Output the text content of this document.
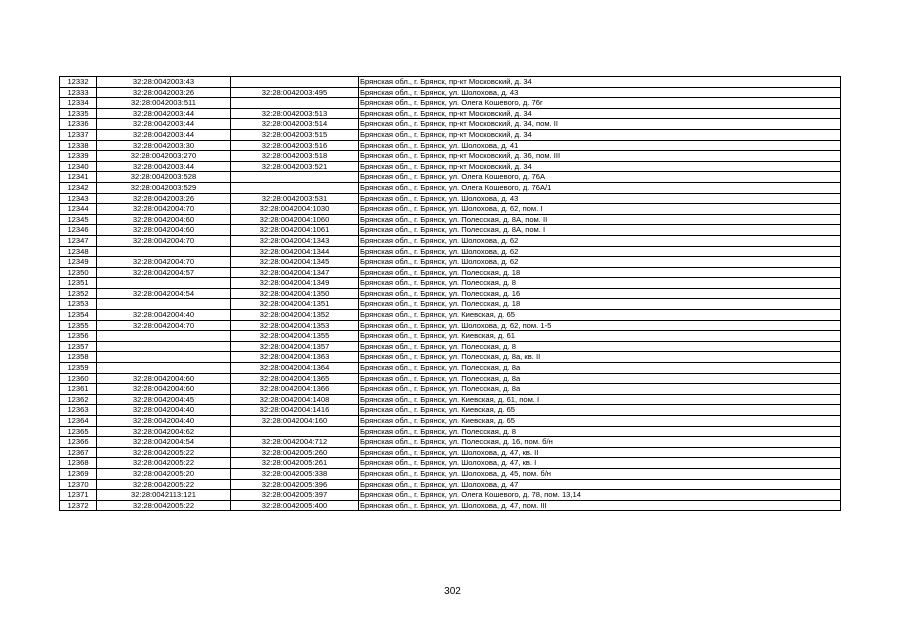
12332	32:28:0042003:43		Брянская обл., г. Брянск, пр-кт Московский, д. 34
12333	32:28:0042003:26	32:28:0042003:495	Брянская обл., г. Брянск, ул. Шолохова, д. 43
12334	32:28:0042003:511		Брянская обл., г. Брянск, ул. Олега Кошевого, д. 76г
12335	32:28:0042003:44	32:28:0042003:513	Брянская обл., г. Брянск, пр-кт Московский, д. 34
12336	32:28:0042003:44	32:28:0042003:514	Брянская обл., г. Брянск, пр-кт Московский, д. 34, пом. II
12337	32:28:0042003:44	32:28:0042003:515	Брянская обл., г. Брянск, пр-кт Московский, д. 34
12338	32:28:0042003:30	32:28:0042003:516	Брянская обл., г. Брянск, ул. Шолохова, д. 41
12339	32:28:0042003:270	32:28:0042003:518	Брянская обл., г. Брянск, пр-кт Московский, д. 36, пом. III
12340	32:28:0042003:44	32:28:0042003:521	Брянская обл., г. Брянск, пр-кт Московский, д. 34
12341	32:28:0042003:528		Брянская обл., г. Брянск, ул. Олега Кошевого, д. 76А
12342	32:28:0042003:529		Брянская обл., г. Брянск, ул. Олега Кошевого, д. 76А/1
12343	32:28:0042003:26	32:28:0042003:531	Брянская обл., г. Брянск, ул. Шолохова, д. 43
12344	32:28:0042004:70	32:28:0042004:1030	Брянская обл., г. Брянск, ул. Шолохова, д. 62, пом. I
12345	32:28:0042004:60	32:28:0042004:1060	Брянская обл., г. Брянск, ул. Полесская, д. 8А, пом. II
12346	32:28:0042004:60	32:28:0042004:1061	Брянская обл., г. Брянск, ул. Полесская, д. 8А, пом. I
12347	32:28:0042004:70	32:28:0042004:1343	Брянская обл., г. Брянск, ул. Шолохова, д. 62
12348		32:28:0042004:1344	Брянская обл., г. Брянск, ул. Шолохова, д. 62
12349	32:28:0042004:70	32:28:0042004:1345	Брянская обл., г. Брянск, ул. Шолохова, д. 62
12350	32:28:0042004:57	32:28:0042004:1347	Брянская обл., г. Брянск, ул. Полесская, д. 18
12351		32:28:0042004:1349	Брянская обл., г. Брянск, ул. Полесская, д. 8
12352	32:28:0042004:54	32:28:0042004:1350	Брянская обл., г. Брянск, ул. Полесская, д. 16
12353		32:28:0042004:1351	Брянская обл., г. Брянск, ул. Полесская, д. 18
12354	32:28:0042004:40	32:28:0042004:1352	Брянская обл., г. Брянск, ул. Киевская, д. 65
12355	32:28:0042004:70	32:28:0042004:1353	Брянская обл., г. Брянск, ул. Шолохова, д. 62, пом. 1-5
12356		32:28:0042004:1355	Брянская обл., г. Брянск, ул. Киевская, д. 61
12357		32:28:0042004:1357	Брянская обл., г. Брянск, ул. Полесская, д. 8
12358		32:28:0042004:1363	Брянская обл., г. Брянск, ул. Полесская, д. 8а, кв. II
12359		32:28:0042004:1364	Брянская обл., г. Брянск, ул. Полесская, д. 8а
12360	32:28:0042004:60	32:28:0042004:1365	Брянская обл., г. Брянск, ул. Полесская, д. 8а
12361	32:28:0042004:60	32:28:0042004:1366	Брянская обл., г. Брянск, ул. Полесская, д. 8а
12362	32:28:0042004:45	32:28:0042004:1408	Брянская обл., г. Брянск, ул. Киевская, д. 61, пом. I
12363	32:28:0042004:40	32:28:0042004:1416	Брянская обл., г. Брянск, ул. Киевская, д. 65
12364	32:28:0042004:40	32:28:0042004:160	Брянская обл., г. Брянск, ул. Киевская, д. 65
12365	32:28:0042004:62		Брянская обл., г. Брянск, ул. Полесская, д. 8
12366	32:28:0042004:54	32:28:0042004:712	Брянская обл., г. Брянск, ул. Полесская, д. 16, пом. б/н
12367	32:28:0042005:22	32:28:0042005:260	Брянская обл., г. Брянск, ул. Шолохова, д. 47, кв. II
12368	32:28:0042005:22	32:28:0042005:261	Брянская обл., г. Брянск, ул. Шолохова, д. 47, кв. I
12369	32:28:0042005:20	32:28:0042005:338	Брянская обл., г. Брянск, ул. Шолохова, д. 45, пом. б/н
12370	32:28:0042005:22	32:28:0042005:396	Брянская обл., г. Брянск, ул. Шолохова, д. 47
12371	32:28:0042113:121	32:28:0042005:397	Брянская обл., г. Брянск, ул. Олега Кошевого, д. 78, пом. 13,14
12372	32:28:0042005:22	32:28:0042005:400	Брянская обл., г. Брянск, ул. Шолохова, д. 47, пом. III
302
